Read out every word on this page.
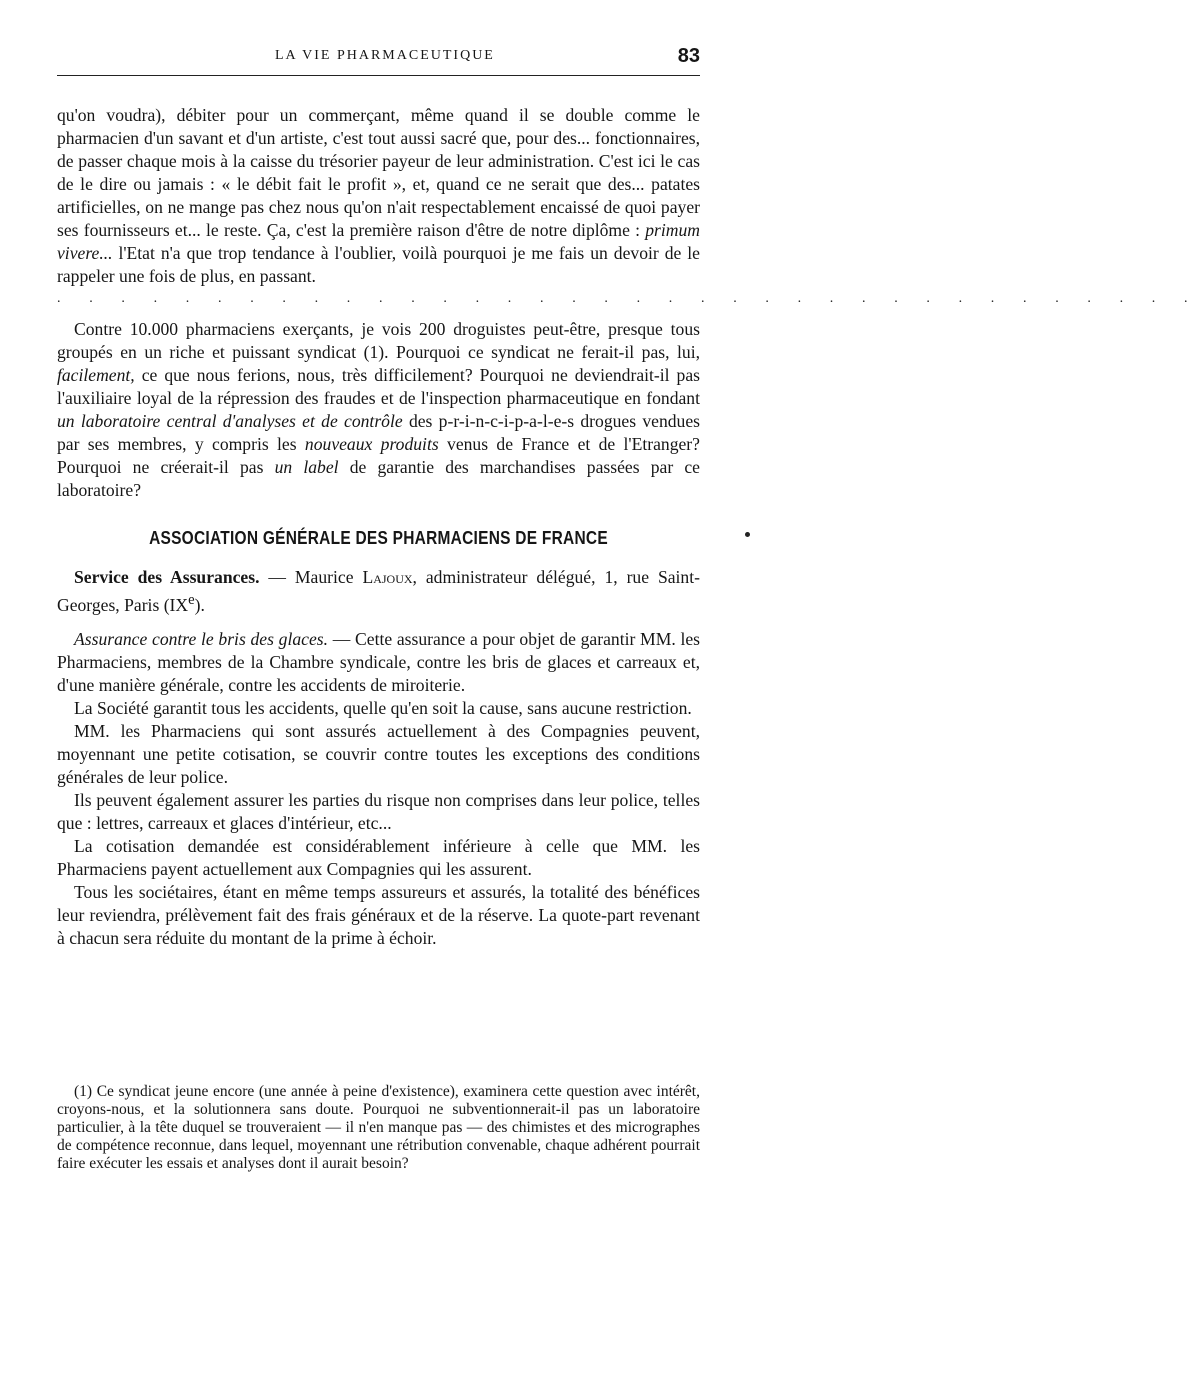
LA VIE PHARMACEUTIQUE	83

qu'on voudra), débiter pour un commerçant, même quand il se double comme le pharmacien d'un savant et d'un artiste, c'est tout aussi sacré que, pour des... fonctionnaires, de passer chaque mois à la caisse du trésorier payeur de leur administration. C'est ici le cas de le dire ou jamais : « le débit fait le profit », et, quand ce ne serait que des... patates artificielles, on ne mange pas chez nous qu'on n'ait respectablement encaissé de quoi payer ses fournisseurs et... le reste. Ça, c'est la première raison d'être de notre diplôme : primum vivere... l'Etat n'a que trop tendance à l'oublier, voilà pourquoi je me fais un devoir de le rappeler une fois de plus, en passant.

. . . . . . . . . . . . . . . . . . . . . . . . . . . . . . . . . . . .

Contre 10.000 pharmaciens exerçants, je vois 200 droguistes peut-être, presque tous groupés en un riche et puissant syndicat (1). Pourquoi ce syndicat ne ferait-il pas, lui, facilement, ce que nous ferions, nous, très difficilement? Pourquoi ne deviendrait-il pas l'auxiliaire loyal de la répression des fraudes et de l'inspection pharmaceutique en fondant un laboratoire central d'analyses et de contrôle des p-r-i-n-c-i-p-a-l-e-s drogues vendues par ses membres, y compris les nouveaux produits venus de France et de l'Etranger? Pourquoi ne créerait-il pas un label de garantie des marchandises passées par ce laboratoire?

ASSOCIATION GÉNÉRALE DES PHARMACIENS DE FRANCE

Service des Assurances. — Maurice Lajoux, administrateur délégué, 1, rue Saint-Georges, Paris (IXe).

Assurance contre le bris des glaces. — Cette assurance a pour objet de garantir MM. les Pharmaciens, membres de la Chambre syndicale, contre les bris de glaces et carreaux et, d'une manière générale, contre les accidents de miroiterie.

La Société garantit tous les accidents, quelle qu'en soit la cause, sans aucune restriction.

MM. les Pharmaciens qui sont assurés actuellement à des Compagnies peuvent, moyennant une petite cotisation, se couvrir contre toutes les exceptions des conditions générales de leur police.

Ils peuvent également assurer les parties du risque non comprises dans leur police, telles que : lettres, carreaux et glaces d'intérieur, etc...

La cotisation demandée est considérablement inférieure à celle que MM. les Pharmaciens payent actuellement aux Compagnies qui les assurent.

Tous les sociétaires, étant en même temps assureurs et assurés, la totalité des bénéfices leur reviendra, prélèvement fait des frais généraux et de la réserve. La quote-part revenant à chacun sera réduite du montant de la prime à échoir.

(1) Ce syndicat jeune encore (une année à peine d'existence), examinera cette question avec intérêt, croyons-nous, et la solutionnera sans doute. Pourquoi ne subventionnerait-il pas un laboratoire particulier, à la tête duquel se trouveraient — il n'en manque pas — des chimistes et des micrographes de compétence reconnue, dans lequel, moyennant une rétribution convenable, chaque adhérent pourrait faire exécuter les essais et analyses dont il aurait besoin?
